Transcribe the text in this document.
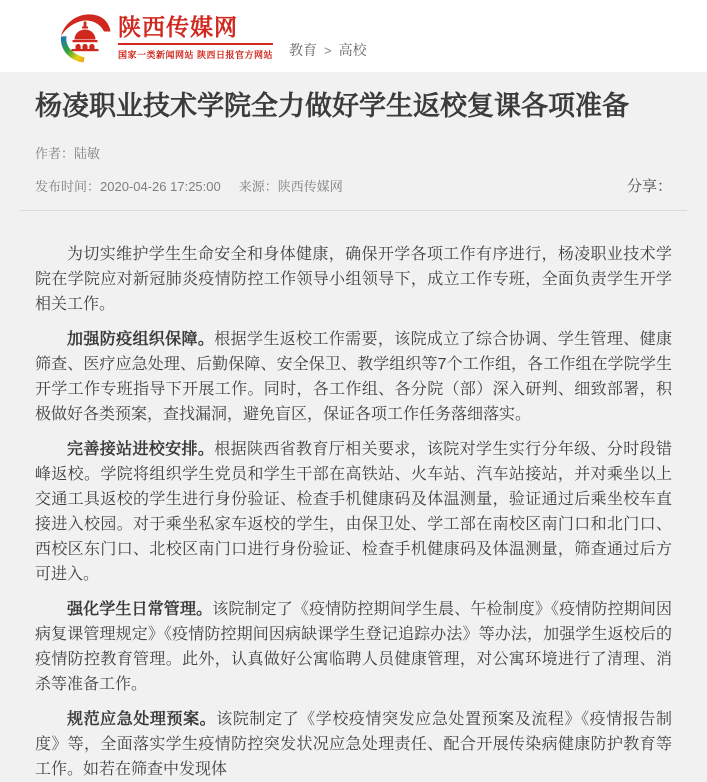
陕西传媒网
国家一类新闻网站 陕西日报官方网站 教育 > 高校
杨凌职业技术学院全力做好学生返校复课各项准备
作者：陆敏
发布时间：2020-04-26 17:25:00 来源：陕西传媒网	分享：

为切实维护学生生命安全和身体健康，确保开学各项工作有序进行，杨凌职业技术学院在学院应对新冠肺炎疫情防控工作领导小组领导下，成立工作专班，全面负责学生开学相关工作。

加强防疫组织保障。根据学生返校工作需要，该院成立了综合协调、学生管理、健康筛查、医疗应急处理、后勤保障、安全保卫、教学组织等7个工作组，各工作组在学院学生开学工作专班指导下开展工作。同时，各工作组、各分院（部）深入研判、细致部署，积极做好各类预案，查找漏洞，避免盲区，保证各项工作任务落细落实。

完善接站进校安排。根据陕西省教育厅相关要求，该院对学生实行分年级、分时段错峰返校。学院将组织学生党员和学生干部在高铁站、火车站、汽车站接站，并对乘坐以上交通工具返校的学生进行身份验证、检查手机健康码及体温测量，验证通过后乘坐校车直接进入校园。对于乘坐私家车返校的学生，由保卫处、学工部在南校区南门口和北门口、西校区东门口、北校区南门口进行身份验证、检查手机健康码及体温测量，筛查通过后方可进入。

强化学生日常管理。该院制定了《疫情防控期间学生晨、午检制度》《疫情防控期间因病复课管理规定》《疫情防控期间因病缺课学生登记追踪办法》等办法，加强学生返校后的疫情防控教育管理。此外，认真做好公寓临聘人员健康管理，对公寓环境进行了清理、消杀等准备工作。

规范应急处理预案。该院制定了《学校疫情突发应急处置预案及流程》《疫情报告制度》等，全面落实学生疫情防控突发状况应急处理责任、配合开展传染病健康防护教育等工作。如若在筛查中发现体
